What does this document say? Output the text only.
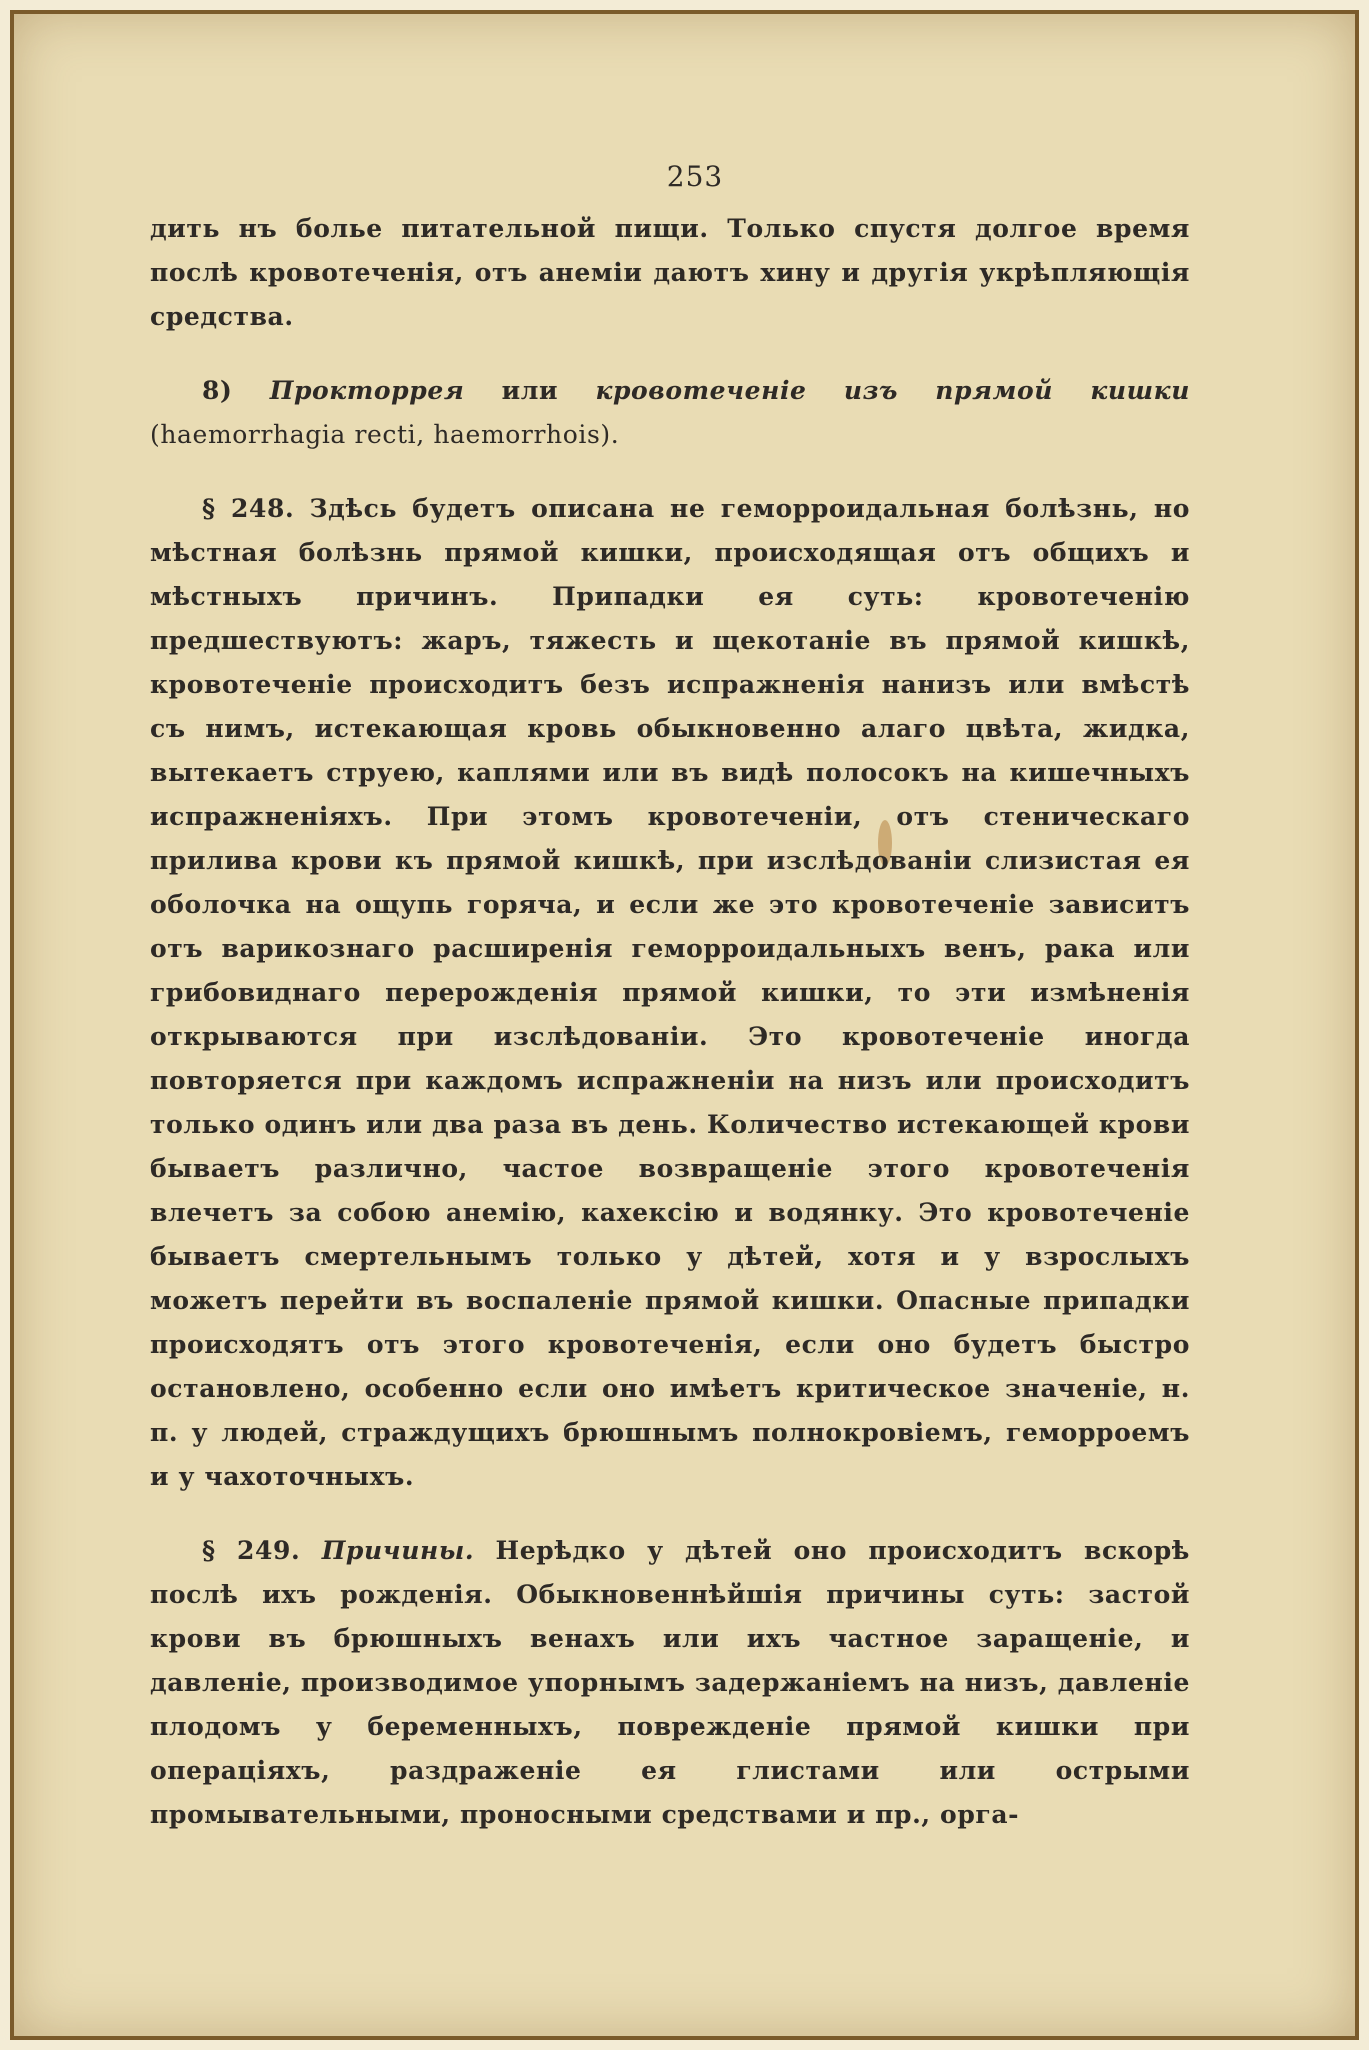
253

дить нъ болье питательной пищи. Только спустя долгое время послѣ кровотеченія, отъ анеміи даютъ хину и другія укрѣпляющія средства.

8) Прокторрея или кровотеченіе изъ прямой кишки (haemorrhagia recti, haemorrhois).

§ 248. Здѣсь будетъ описана не геморроидальная болѣзнь, но мѣстная болѣзнь прямой кишки, происходящая отъ общихъ и мѣстныхъ причинъ. Припадки ея суть: кровотеченію предшествуютъ: жаръ, тяжесть и щекотаніе въ прямой кишкѣ, кровотеченіе происходитъ безъ испражненія нанизъ или вмѣстѣ съ нимъ, истекающая кровь обыкновенно алаго цвѣта, жидка, вытекаетъ струею, каплями или въ видѣ полосокъ на кишечныхъ испражненіяхъ. При этомъ кровотеченіи, отъ стеническаго прилива крови къ прямой кишкѣ, при изслѣдованіи слизистая ея оболочка на ощупь горяча, и если же это кровотеченіе зависитъ отъ варикознаго расширенія геморроидальныхъ венъ, рака или грибовиднаго перерожденія прямой кишки, то эти измѣненія открываются при изслѣдованіи. Это кровотеченіе иногда повторяется при каждомъ испражненіи на низъ или происходитъ только одинъ или два раза въ день. Количество истекающей крови бываетъ различно, частое возвращеніе этого кровотеченія влечетъ за собою анемію, кахексію и водянку. Это кровотеченіе бываетъ смертельнымъ только у дѣтей, хотя и у взрослыхъ можетъ перейти въ воспаленіе прямой кишки. Опасные припадки происходятъ отъ этого кровотеченія, если оно будетъ быстро остановлено, особенно если оно имѣетъ критическое значеніе, н. п. у людей, страждущихъ брюшнымъ полнокровіемъ, геморроемъ и у чахоточныхъ.

§ 249. Причины. Нерѣдко у дѣтей оно происходитъ вскорѣ послѣ ихъ рожденія. Обыкновеннѣйшія причины суть: застой крови въ брюшныхъ венахъ или ихъ частное заращеніе, и давленіе, производимое упорнымъ задержаніемъ на низъ, давленіе плодомъ у беременныхъ, поврежденіе прямой кишки при операціяхъ, раздраженіе ея глистами или острыми промывательными, проносными средствами и пр., орга-
